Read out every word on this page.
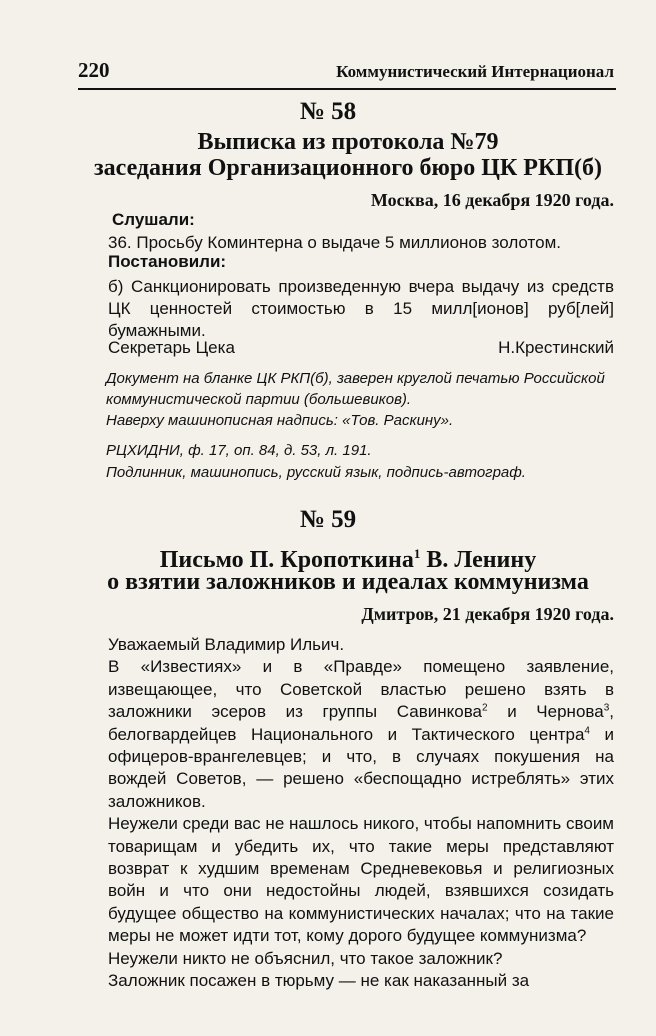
220	Коммунистический Интернационал
№ 58
Выписка из протокола №79
заседания Организационного бюро ЦК РКП(б)
Москва, 16 декабря 1920 года.
Слушали:

36. Просьбу Коминтерна о выдаче 5 миллионов золотом.

Постановили:

б) Санкционировать произведенную вчера выдачу из средств ЦК ценностей стоимостью в 15 милл[ионов] руб[лей] бумажными.

Секретарь Цека	Н.Крестинский

Документ на бланке ЦК РКП(б), заверен круглой печатью Российской коммунистической партии (большевиков).

Наверху машинописная надпись: «Тов. Раскину».

РЦХИДНИ, ф. 17, оп. 84, д. 53, л. 191.

Подлинник, машинопись, русский язык, подпись-автограф.

№ 59
Письмо П. Кропоткина$^1$ В. Ленину
о взятии заложников и идеалах коммунизма
Дмитров, 21 декабря 1920 года.

Уважаемый Владимир Ильич.

В «Известиях» и в «Правде» помещено заявление, извещающее, что Советской властью решено взять в заложники эсеров из группы Савинкова$^2$ и Чернова$^3$, белогвардейцев Национального и Тактического центра$^4$ и офицеров-врангелевцев; и что, в случаях покушения на вождей Советов, — решено «беспощадно истреблять» этих заложников.

Неужели среди вас не нашлось никого, чтобы напомнить своим товарищам и убедить их, что такие меры представляют возврат к худшим временам Средневековья и религиозных войн и что они недостойны людей, взявшихся созидать будущее общество на коммунистических началах; что на такие меры не может идти тот, кому дорого будущее коммунизма?

Неужели никто не объяснил, что такое заложник?

Заложник посажен в тюрьму — не как наказанный за
